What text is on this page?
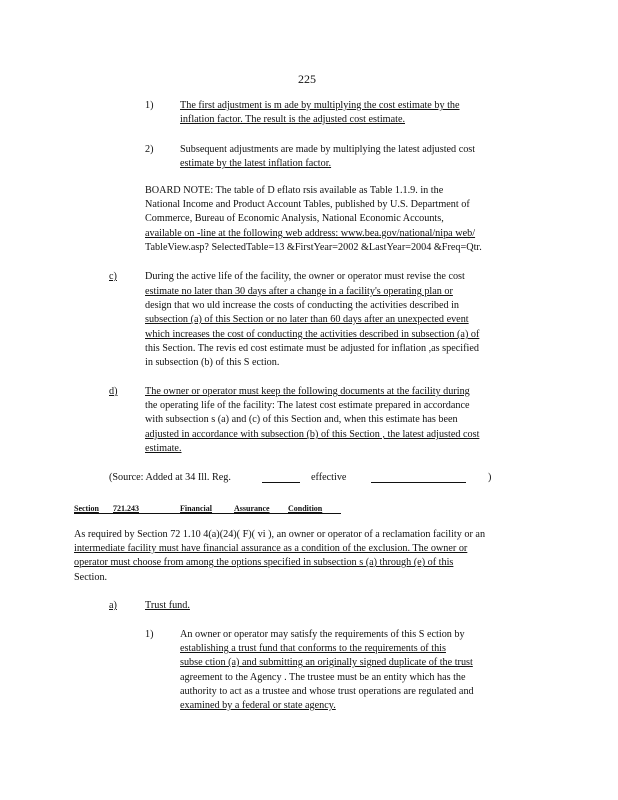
225
1)	The first adjustment is m ade by multiplying the cost estimate by the
inflation factor. The result is the adjusted cost estimate.
2)	Subsequent adjustments are made by multiplying the latest adjusted cost
estimate by the latest inflation factor.
BOARD NOTE: The table of D eflato rsis available as Table 1.1.9. in the
National Income and Product Account Tables, published by U.S. Department of
Commerce, Bureau of Economic Analysis, National Economic Accounts,
available on -line at the following web address: www.bea.gov/national/nipa web/
TableView.asp? SelectedTable=13 &FirstYear=2002 &LastYear=2004 &Freq=Qtr.
c)	During the active life of the facility, the owner or operator must revise the cost
estimate no later than 30 days after a change in a facility's operating plan or
design that wo uld increase the costs of conducting the activities described in
subsection (a) of this Section or no later than 60 days after an unexpected event
which increases the cost of conducting the activities described in subsection (a) of
this Section. The revis ed cost estimate must be adjusted for inflation ,as specified
in subsection (b) of this S ection.
d)	The owner or operator must keep the following documents at the facility during
the operating life of the facility: The latest cost estimate prepared in accordance
with subsection s (a) and (c) of this Section and, when this estimate has been
adjusted in accordance with subsection (b) of this Section , the latest adjusted cost
estimate.
(Source: Added at 34 Ill. Reg.	effective	)
Section 721.243	Financial	Assurance Condition
As required by Section 72 1.10 4(a)(24)( F)( vi ), an owner or operator of a reclamation facility or an
intermediate facility must have financial assurance as a condition of the exclusion. The owner or
operator must choose from among the options specified in subsection s (a) through (e) of this
Section.
a)	Trust fund.
1)	An owner or operator may satisfy the requirements of this S ection by
establishing a trust fund that conforms to the requirements of this
subse ction (a) and submitting an originally signed duplicate of the trust
agreement to the Agency . The trustee must be an entity which has the
authority to act as a trustee and whose trust operations are regulated and
examined by a federal or state agency.
